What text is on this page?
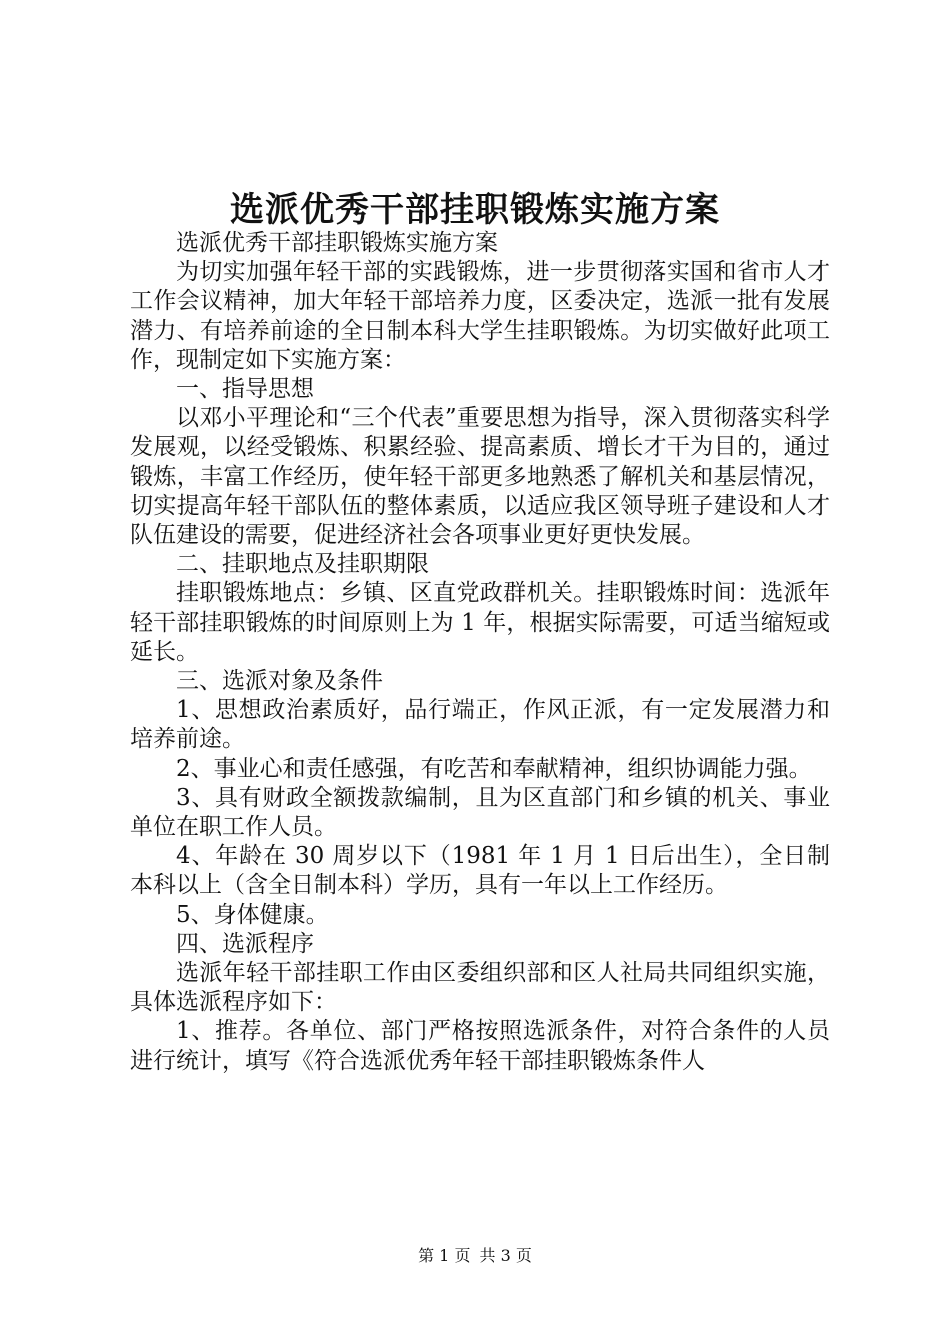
选派优秀干部挂职锻炼实施方案

选派优秀干部挂职锻炼实施方案

为切实加强年轻干部的实践锻炼，进一步贯彻落实国和省市人才工作会议精神，加大年轻干部培养力度，区委决定，选派一批有发展潜力、有培养前途的全日制本科大学生挂职锻炼。为切实做好此项工作，现制定如下实施方案：

一、指导思想

以邓小平理论和“三个代表”重要思想为指导，深入贯彻落实科学发展观，以经受锻炼、积累经验、提高素质、增长才干为目的，通过锻炼，丰富工作经历，使年轻干部更多地熟悉了解机关和基层情况，切实提高年轻干部队伍的整体素质，以适应我区领导班子建设和人才队伍建设的需要，促进经济社会各项事业更好更快发展。

二、挂职地点及挂职期限

挂职锻炼地点：乡镇、区直党政群机关。挂职锻炼时间：选派年轻干部挂职锻炼的时间原则上为 1 年，根据实际需要，可适当缩短或延长。

三、选派对象及条件

1、思想政治素质好，品行端正，作风正派，有一定发展潜力和培养前途。

2、事业心和责任感强，有吃苦和奉献精神，组织协调能力强。

3、具有财政全额拨款编制，且为区直部门和乡镇的机关、事业单位在职工作人员。

4、年龄在 30 周岁以下（1981 年 1 月 1 日后出生），全日制本科以上（含全日制本科）学历，具有一年以上工作经历。

5、身体健康。

四、选派程序

选派年轻干部挂职工作由区委组织部和区人社局共同组织实施，具体选派程序如下：

1、推荐。各单位、部门严格按照选派条件，对符合条件的人员进行统计，填写《符合选派优秀年轻干部挂职锻炼条件人

第 1 页 共 3 页
